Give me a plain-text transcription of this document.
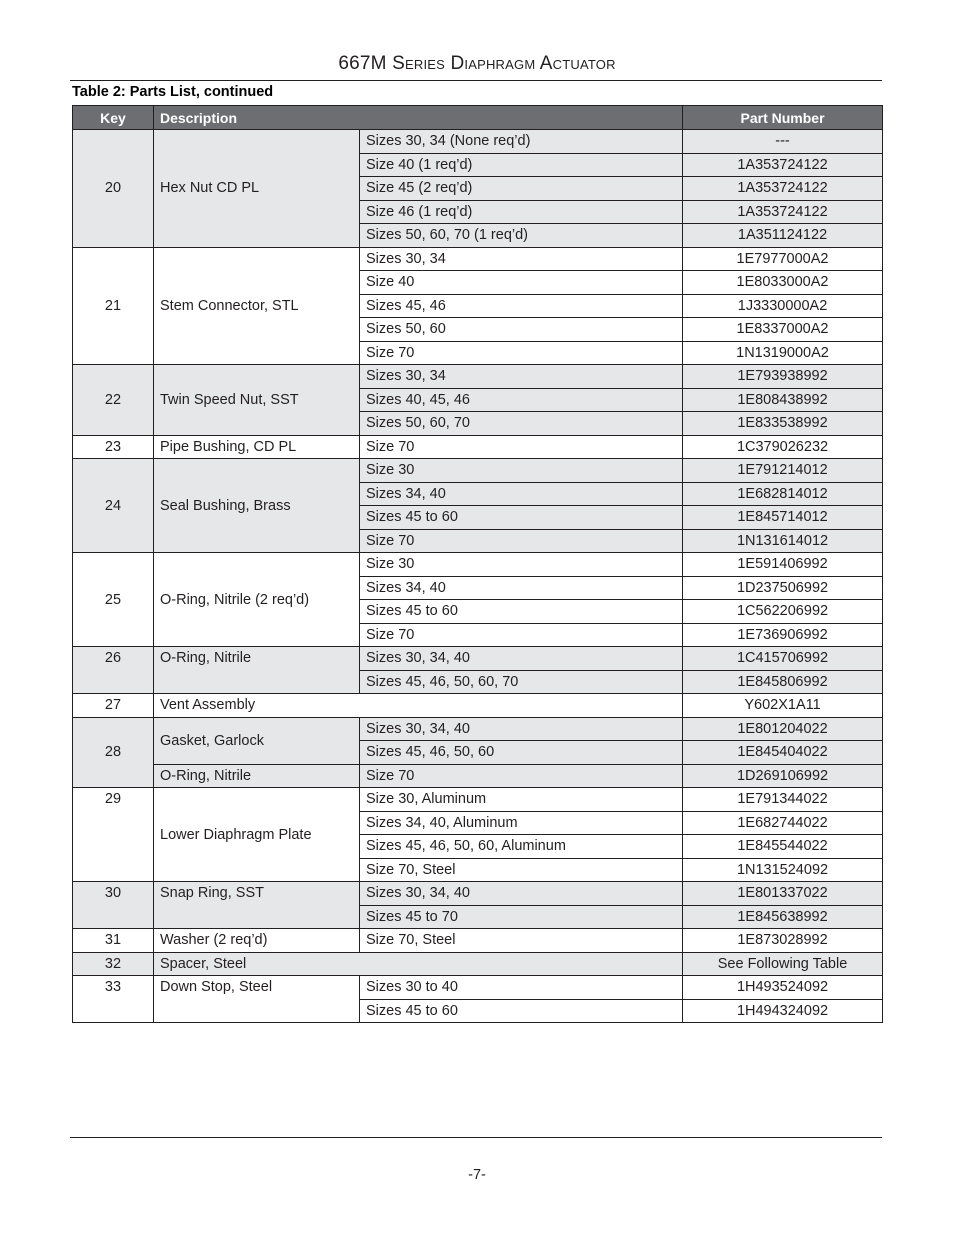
667M Series Diaphragm Actuator
Table 2: Parts List, continued
Key	Description		Part Number
20	Hex Nut CD PL	Sizes 30, 34 (None req’d)	---
		Size 40 (1 req’d)	1A353724122
		Size 45 (2 req’d)	1A353724122
		Size 46 (1 req’d)	1A353724122
		Sizes 50, 60, 70 (1 req’d)	1A351124122
21	Stem Connector, STL	Sizes 30, 34	1E7977000A2
		Size 40	1E8033000A2
		Sizes 45, 46	1J3330000A2
		Sizes 50, 60	1E8337000A2
		Size 70	1N1319000A2
22	Twin Speed Nut, SST	Sizes 30, 34	1E793938992
		Sizes 40, 45, 46	1E808438992
		Sizes 50, 60, 70	1E833538992
23	Pipe Bushing, CD PL	Size 70	1C379026232
24	Seal Bushing, Brass	Size 30	1E791214012
		Sizes 34, 40	1E682814012
		Sizes 45 to 60	1E845714012
		Size 70	1N131614012
25	O-Ring, Nitrile (2 req’d)	Size 30	1E591406992
		Sizes 34, 40	1D237506992
		Sizes 45 to 60	1C562206992
		Size 70	1E736906992
26	O-Ring, Nitrile	Sizes 30, 34, 40	1C415706992
		Sizes 45, 46, 50, 60, 70	1E845806992
27	Vent Assembly		Y602X1A11
28	Gasket, Garlock	Sizes 30, 34, 40	1E801204022
		Sizes 45, 46, 50, 60	1E845404022
	O-Ring, Nitrile	Size 70	1D269106992
29	Lower Diaphragm Plate	Size 30, Aluminum	1E791344022
		Sizes 34, 40, Aluminum	1E682744022
		Sizes 45, 46, 50, 60, Aluminum	1E845544022
		Size 70, Steel	1N131524092
30	Snap Ring, SST	Sizes 30, 34, 40	1E801337022
		Sizes 45 to 70	1E845638992
31	Washer (2 req’d)	Size 70, Steel	1E873028992
32	Spacer, Steel		See Following Table
33	Down Stop, Steel	Sizes 30 to 40	1H493524092
		Sizes 45 to 60	1H494324092
-7-
